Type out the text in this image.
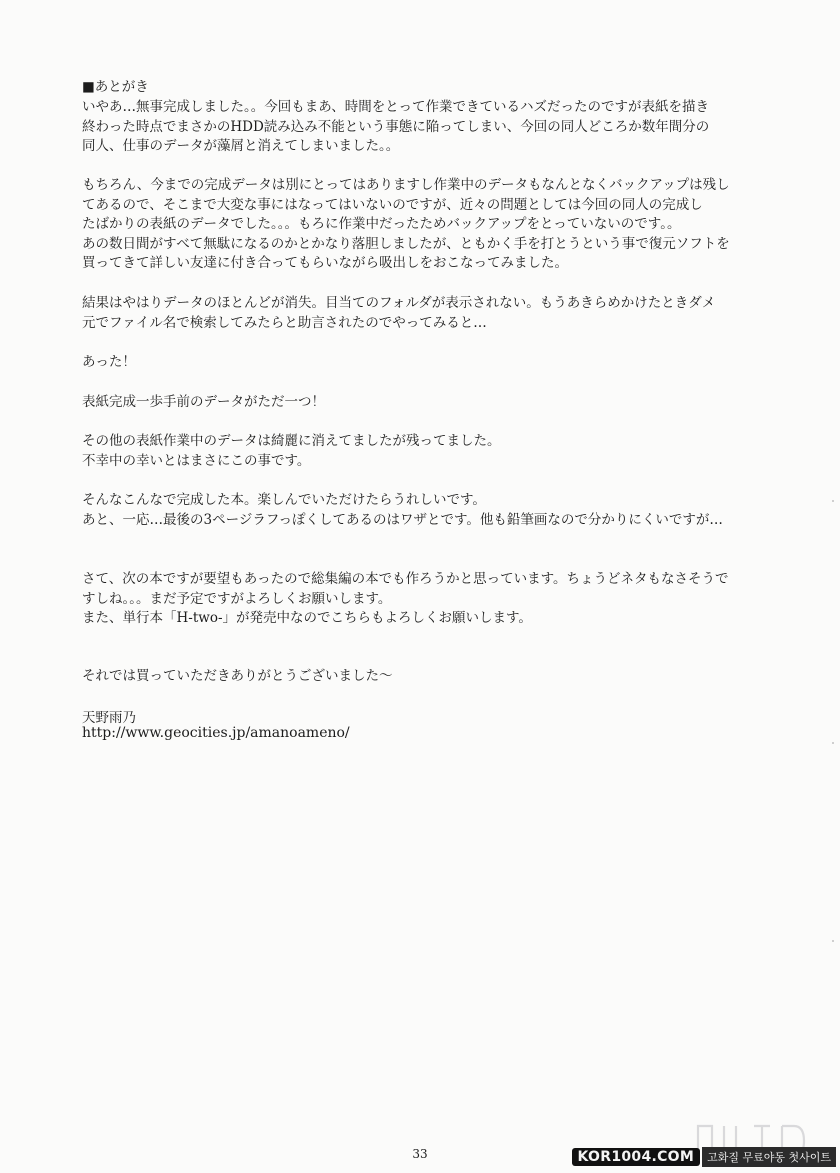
■あとがき
いやあ…無事完成しました。。今回もまあ、時間をとって作業できているハズだったのですが表紙を描き
終わった時点でまさかのHDD読み込み不能という事態に陥ってしまい、今回の同人どころか数年間分の
同人、仕事のデータが藻屑と消えてしまいました。。
もちろん、今までの完成データは別にとってはありますし作業中のデータもなんとなくバックアップは残し
てあるので、そこまで大変な事にはなってはいないのですが、近々の問題としては今回の同人の完成し
たばかりの表紙のデータでした。。。もろに作業中だったためバックアップをとっていないのです。。
あの数日間がすべて無駄になるのかとかなり落胆しましたが、ともかく手を打とうという事で復元ソフトを
買ってきて詳しい友達に付き合ってもらいながら吸出しをおこなってみました。
結果はやはりデータのほとんどが消失。目当てのフォルダが表示されない。もうあきらめかけたときダメ
元でファイル名で検索してみたらと助言されたのでやってみると…
あった！
表紙完成一歩手前のデータがただ一つ！
その他の表紙作業中のデータは綺麗に消えてましたが残ってました。
不幸中の幸いとはまさにこの事です。
そんなこんなで完成した本。楽しんでいただけたらうれしいです。
あと、一応…最後の3ページラフっぽくしてあるのはワザとです。他も鉛筆画なので分かりにくいですが…
さて、次の本ですが要望もあったので総集編の本でも作ろうかと思っています。ちょうどネタもなさそうで
すしね。。。まだ予定ですがよろしくお願いします。
また、単行本「H-two-」が発売中なのでこちらもよろしくお願いします。
それでは買っていただきありがとうございました～
天野雨乃
http://www.geocities.jp/amanoameno/
33	KOR1004.COM	고화질 무료야동 첫사이트
